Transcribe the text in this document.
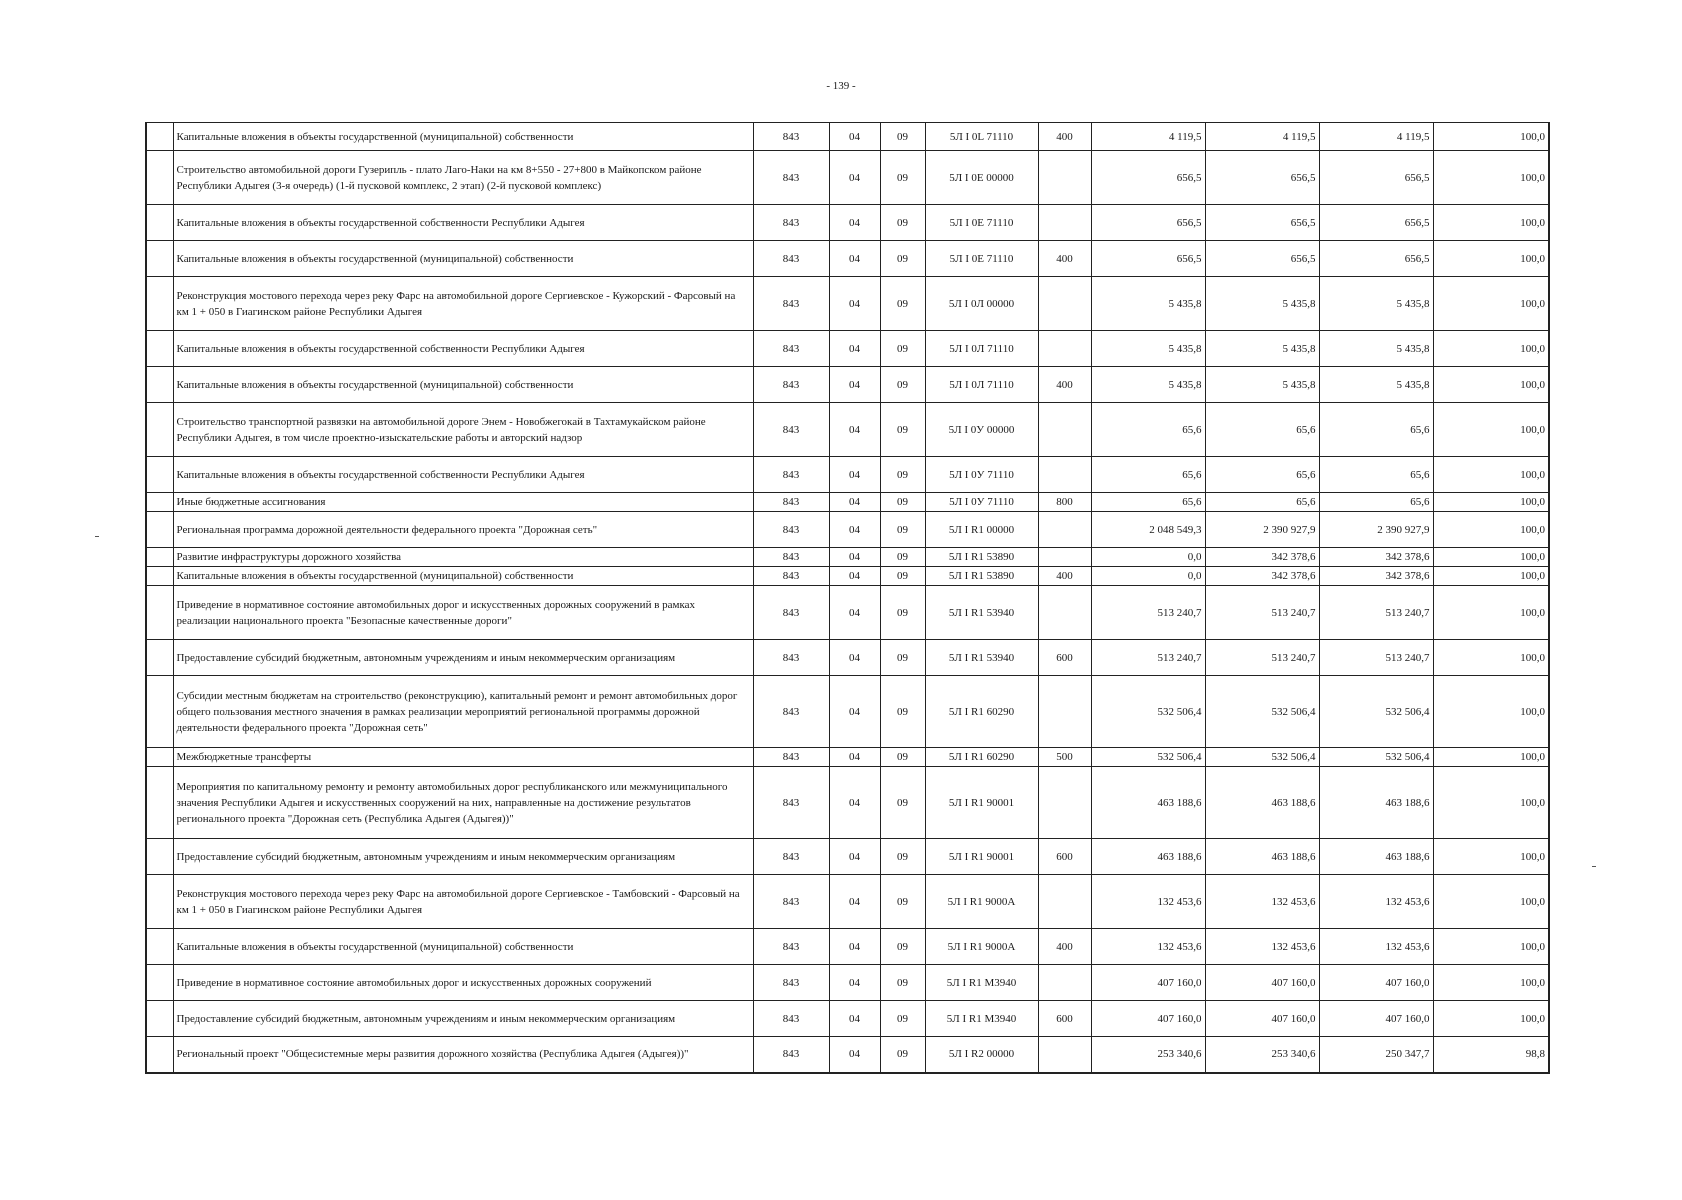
- 139 -
	Капитальные вложения в объекты государственной (муниципальной) собственности	843	04	09	5Л I 0L 71110	400	4 119,5	4 119,5	4 119,5	100,0
	Строительство автомобильной дороги Гузерипль - плато Лаго-Наки на км 8+550 - 27+800 в Майкопском районе Республики Адыгея (3-я очередь) (1-й пусковой комплекс, 2 этап) (2-й пусковой комплекс)	843	04	09	5Л I 0E 00000		656,5	656,5	656,5	100,0
	Капитальные вложения в объекты государственной собственности Республики Адыгея	843	04	09	5Л I 0E 71110		656,5	656,5	656,5	100,0
	Капитальные вложения в объекты государственной (муниципальной) собственности	843	04	09	5Л I 0E 71110	400	656,5	656,5	656,5	100,0
	Реконструкция мостового перехода через реку Фарс на автомобильной дороге Сергиевское - Кужорский - Фарсовый на км 1 + 050 в Гиагинском районе Республики Адыгея	843	04	09	5Л I 0Л 00000		5 435,8	5 435,8	5 435,8	100,0
	Капитальные вложения в объекты государственной собственности Республики Адыгея	843	04	09	5Л I 0Л 71110		5 435,8	5 435,8	5 435,8	100,0
	Капитальные вложения в объекты государственной (муниципальной) собственности	843	04	09	5Л I 0Л 71110	400	5 435,8	5 435,8	5 435,8	100,0
	Строительство транспортной развязки на автомобильной дороге Энем - Новобжегокай в Тахтамукайском районе Республики Адыгея, в том числе проектно-изыскательские работы и авторский надзор	843	04	09	5Л I 0У 00000		65,6	65,6	65,6	100,0
	Капитальные вложения в объекты государственной собственности Республики Адыгея	843	04	09	5Л I 0У 71110		65,6	65,6	65,6	100,0
	Иные бюджетные ассигнования	843	04	09	5Л I 0У 71110	800	65,6	65,6	65,6	100,0
	Региональная программа дорожной деятельности федерального проекта "Дорожная сеть"	843	04	09	5Л I R1 00000		2 048 549,3	2 390 927,9	2 390 927,9	100,0
	Развитие инфраструктуры дорожного хозяйства	843	04	09	5Л I R1 53890		0,0	342 378,6	342 378,6	100,0
	Капитальные вложения в объекты государственной (муниципальной) собственности	843	04	09	5Л I R1 53890	400	0,0	342 378,6	342 378,6	100,0
	Приведение в нормативное состояние автомобильных дорог и искусственных дорожных сооружений в рамках реализации национального проекта "Безопасные качественные дороги"	843	04	09	5Л I R1 53940		513 240,7	513 240,7	513 240,7	100,0
	Предоставление субсидий бюджетным, автономным учреждениям и иным некоммерческим организациям	843	04	09	5Л I R1 53940	600	513 240,7	513 240,7	513 240,7	100,0
	Субсидии местным бюджетам на строительство (реконструкцию), капитальный ремонт и ремонт автомобильных дорог общего пользования местного значения в рамках реализации мероприятий региональной программы дорожной деятельности федерального проекта "Дорожная сеть"	843	04	09	5Л I R1 60290		532 506,4	532 506,4	532 506,4	100,0
	Межбюджетные трансферты	843	04	09	5Л I R1 60290	500	532 506,4	532 506,4	532 506,4	100,0
	Мероприятия по капитальному ремонту и ремонту автомобильных дорог республиканского или межмуниципального значения Республики Адыгея и искусственных сооружений на них, направленные на достижение результатов регионального проекта "Дорожная сеть (Республика Адыгея (Адыгея))"	843	04	09	5Л I R1 90001		463 188,6	463 188,6	463 188,6	100,0
	Предоставление субсидий бюджетным, автономным учреждениям и иным некоммерческим организациям	843	04	09	5Л I R1 90001	600	463 188,6	463 188,6	463 188,6	100,0
	Реконструкция мостового перехода через реку Фарс на автомобильной дороге Сергиевское - Тамбовский - Фарсовый на км 1 + 050 в Гиагинском районе Республики Адыгея	843	04	09	5Л I R1 9000А		132 453,6	132 453,6	132 453,6	100,0
	Капитальные вложения в объекты государственной (муниципальной) собственности	843	04	09	5Л I R1 9000А	400	132 453,6	132 453,6	132 453,6	100,0
	Приведение в нормативное состояние автомобильных дорог и искусственных дорожных сооружений	843	04	09	5Л I R1 M3940		407 160,0	407 160,0	407 160,0	100,0
	Предоставление субсидий бюджетным, автономным учреждениям и иным некоммерческим организациям	843	04	09	5Л I R1 M3940	600	407 160,0	407 160,0	407 160,0	100,0
	Региональный проект "Общесистемные меры развития дорожного хозяйства (Республика Адыгея (Адыгея))"	843	04	09	5Л I R2 00000		253 340,6	253 340,6	250 347,7	98,8
